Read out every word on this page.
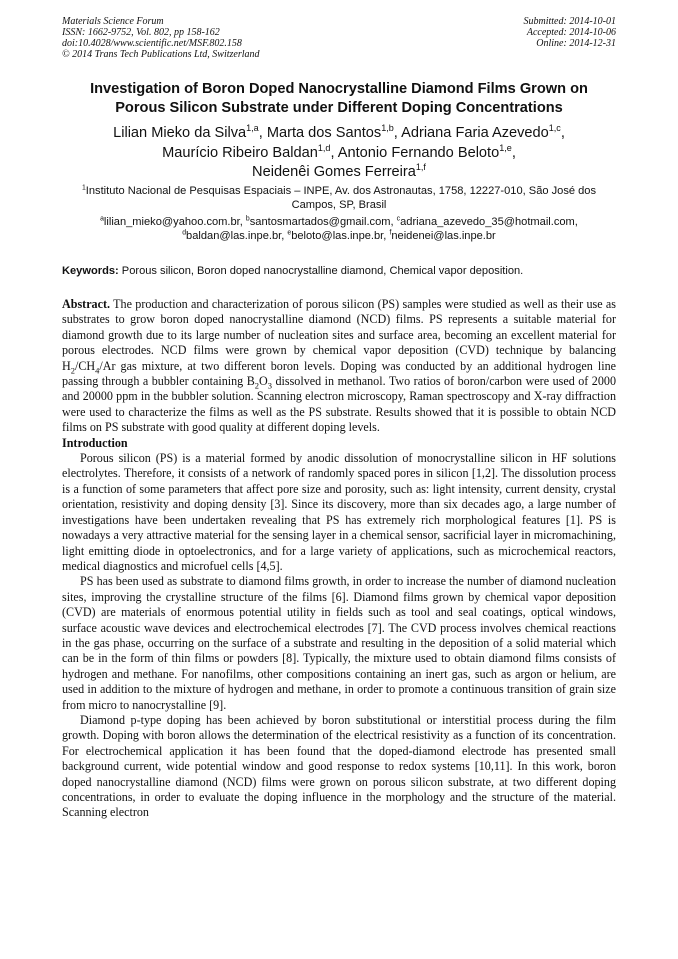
Materials Science Forum
ISSN: 1662-9752, Vol. 802, pp 158-162
doi:10.4028/www.scientific.net/MSF.802.158
© 2014 Trans Tech Publications Ltd, Switzerland
Submitted: 2014-10-01
Accepted: 2014-10-06
Online: 2014-12-31
Investigation of Boron Doped Nanocrystalline Diamond Films Grown on
Porous Silicon Substrate under Different Doping Concentrations
Lilian Mieko da Silva$^{1,a}$, Marta dos Santos$^{1,b}$, Adriana Faria Azevedo$^{1,c}$,
Maurício Ribeiro Baldan$^{1,d}$, Antonio Fernando Beloto$^{1,e}$,
Neidenêi Gomes Ferreira$^{1,f}$
$^1$Instituto Nacional de Pesquisas Espaciais – INPE, Av. dos Astronautas, 1758, 12227-010, São José dos Campos, SP, Brasil
$^a$lilian_mieko@yahoo.com.br, $^b$santosmartados@gmail.com, $^c$adriana_azevedo_35@hotmail.com,
$^d$baldan@las.inpe.br, $^e$beloto@las.inpe.br, $^f$neidenei@las.inpe.br
Keywords: Porous silicon, Boron doped nanocrystalline diamond, Chemical vapor deposition.

Abstract. The production and characterization of porous silicon (PS) samples were studied as well as their use as substrates to grow boron doped nanocrystalline diamond (NCD) films. PS represents a suitable material for diamond growth due to its large number of nucleation sites and surface area, becoming an excellent material for porous electrodes. NCD films were grown by chemical vapor deposition (CVD) technique by balancing $H_2/CH_4/Ar$ gas mixture, at two different boron levels. Doping was conducted by an additional hydrogen line passing through a bubbler containing $B_2O_3$ dissolved in methanol. Two ratios of boron/carbon were used of 2000 and 20000 ppm in the bubbler solution. Scanning electron microscopy, Raman spectroscopy and X-ray diffraction were used to characterize the films as well as the PS substrate. Results showed that it is possible to obtain NCD films on PS substrate with good quality at different doping levels.

Introduction

Porous silicon (PS) is a material formed by anodic dissolution of monocrystalline silicon in HF solutions electrolytes. Therefore, it consists of a network of randomly spaced pores in silicon [1,2]. The dissolution process is a function of some parameters that affect pore size and porosity, such as: light intensity, current density, crystal orientation, resistivity and doping density [3]. Since its discovery, more than six decades ago, a large number of investigations have been undertaken revealing that PS has extremely rich morphological features [1]. PS is nowadays a very attractive material for the sensing layer in a chemical sensor, sacrificial layer in micromachining, light emitting diode in optoelectronics, and for a large variety of applications, such as microchemical reactors, medical diagnostics and microfuel cells [4,5].

PS has been used as substrate to diamond films growth, in order to increase the number of diamond nucleation sites, improving the crystalline structure of the films [6]. Diamond films grown by chemical vapor deposition (CVD) are materials of enormous potential utility in fields such as tool and seal coatings, optical windows, surface acoustic wave devices and electrochemical electrodes [7]. The CVD process involves chemical reactions in the gas phase, occurring on the surface of a substrate and resulting in the deposition of a solid material which can be in the form of thin films or powders [8]. Typically, the mixture used to obtain diamond films consists of hydrogen and methane. For nanofilms, other compositions containing an inert gas, such as argon or helium, are used in addition to the mixture of hydrogen and methane, in order to promote a continuous transition of grain size from micro to nanocrystalline [9].

Diamond p-type doping has been achieved by boron substitutional or interstitial process during the film growth. Doping with boron allows the determination of the electrical resistivity as a function of its concentration. For electrochemical application it has been found that the doped-diamond electrode has presented small background current, wide potential window and good response to redox systems [10,11]. In this work, boron doped nanocrystalline diamond (NCD) films were grown on porous silicon substrate, at two different doping concentrations, in order to evaluate the doping influence in the morphology and the structure of the material. Scanning electron
